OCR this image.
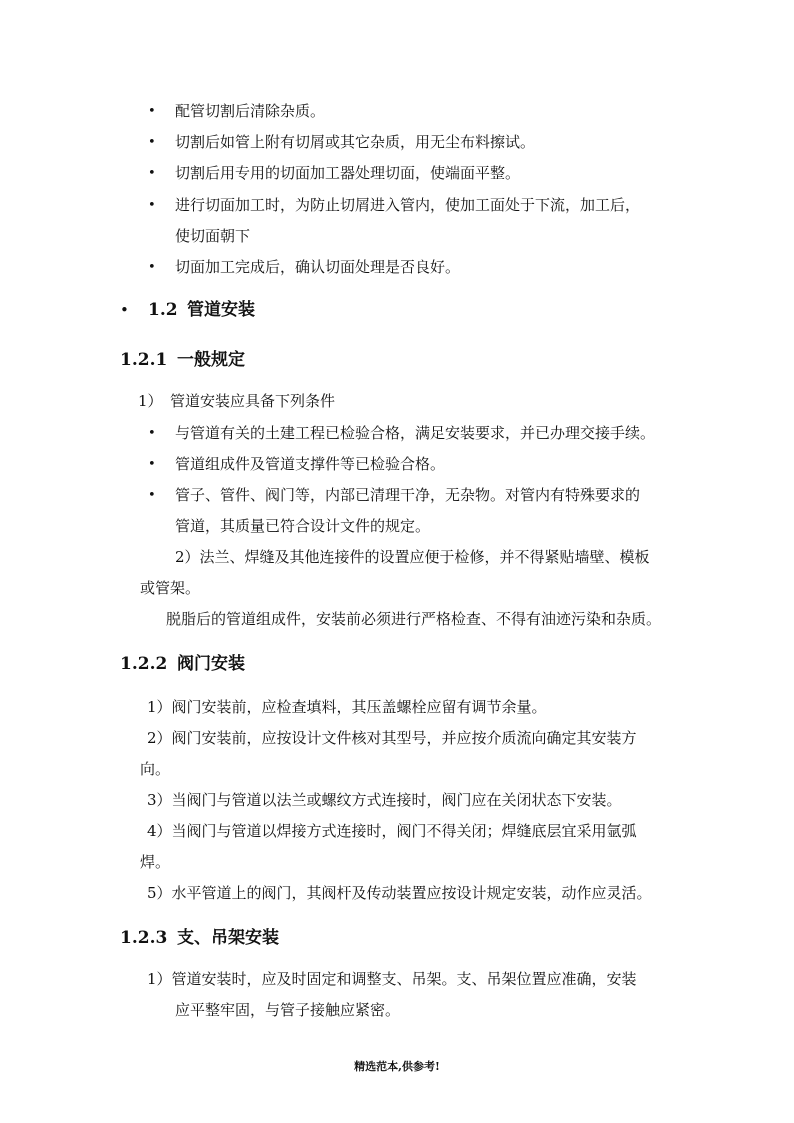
• 配管切割后清除杂质。
• 切割后如管上附有切屑或其它杂质，用无尘布料擦试。
• 切割后用专用的切面加工器处理切面，使端面平整。
• 进行切面加工时，为防止切屑进入管内，使加工面处于下流，加工后，
使切面朝下
• 切面加工完成后，确认切面处理是否良好。
• 1.2 管道安装
1.2.1 一般规定
1） 管道安装应具备下列条件
• 与管道有关的土建工程已检验合格，满足安装要求，并已办理交接手续。
• 管道组成件及管道支撑件等已检验合格。
• 管子、管件、阀门等，内部已清理干净，无杂物。对管内有特殊要求的
管道，其质量已符合设计文件的规定。
2）法兰、焊缝及其他连接件的设置应便于检修，并不得紧贴墙壁、模板
或管架。
脱脂后的管道组成件，安装前必须进行严格检查、不得有油迹污染和杂质。
1.2.2 阀门安装
1）阀门安装前，应检查填料，其压盖螺栓应留有调节余量。
2）阀门安装前，应按设计文件核对其型号，并应按介质流向确定其安装方
向。
3）当阀门与管道以法兰或螺纹方式连接时，阀门应在关闭状态下安装。
4）当阀门与管道以焊接方式连接时，阀门不得关闭；焊缝底层宜采用氩弧
焊。
5）水平管道上的阀门，其阀杆及传动装置应按设计规定安装，动作应灵活。
1.2.3 支、吊架安装
1）管道安装时，应及时固定和调整支、吊架。支、吊架位置应准确，安装
应平整牢固，与管子接触应紧密。
精选范本,供参考!
